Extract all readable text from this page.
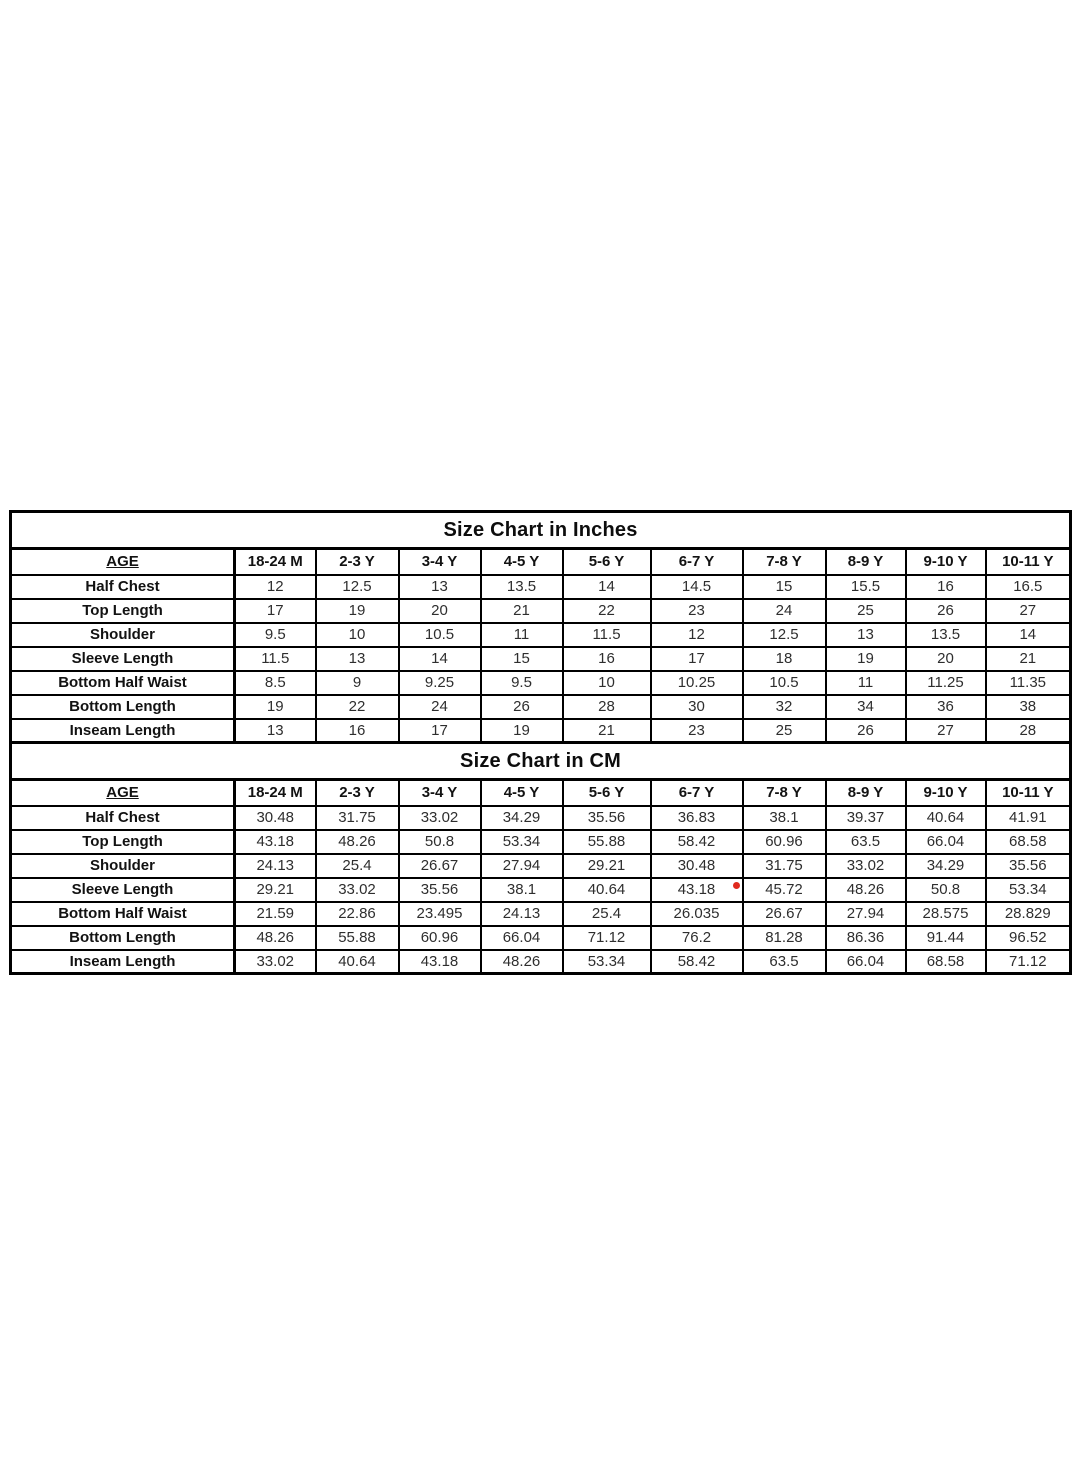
Size Chart in Inches										
AGE	18-24 M	2-3 Y	3-4 Y	4-5 Y	5-6 Y	6-7 Y	7-8 Y	8-9 Y	9-10 Y	10-11 Y
Half Chest	12	12.5	13	13.5	14	14.5	15	15.5	16	16.5
Top Length	17	19	20	21	22	23	24	25	26	27
Shoulder	9.5	10	10.5	11	11.5	12	12.5	13	13.5	14
Sleeve Length	11.5	13	14	15	16	17	18	19	20	21
Bottom Half Waist	8.5	9	9.25	9.5	10	10.25	10.5	11	11.25	11.35
Bottom Length	19	22	24	26	28	30	32	34	36	38
Inseam Length	13	16	17	19	21	23	25	26	27	28
Size Chart in CM										
AGE	18-24 M	2-3 Y	3-4 Y	4-5 Y	5-6 Y	6-7 Y	7-8 Y	8-9 Y	9-10 Y	10-11 Y
Half Chest	30.48	31.75	33.02	34.29	35.56	36.83	38.1	39.37	40.64	41.91
Top Length	43.18	48.26	50.8	53.34	55.88	58.42	60.96	63.5	66.04	68.58
Shoulder	24.13	25.4	26.67	27.94	29.21	30.48	31.75	33.02	34.29	35.56
Sleeve Length	29.21	33.02	35.56	38.1	40.64	43.18	45.72	48.26	50.8	53.34
Bottom Half Waist	21.59	22.86	23.495	24.13	25.4	26.035	26.67	27.94	28.575	28.829
Bottom Length	48.26	55.88	60.96	66.04	71.12	76.2	81.28	86.36	91.44	96.52
Inseam Length	33.02	40.64	43.18	48.26	53.34	58.42	63.5	66.04	68.58	71.12
